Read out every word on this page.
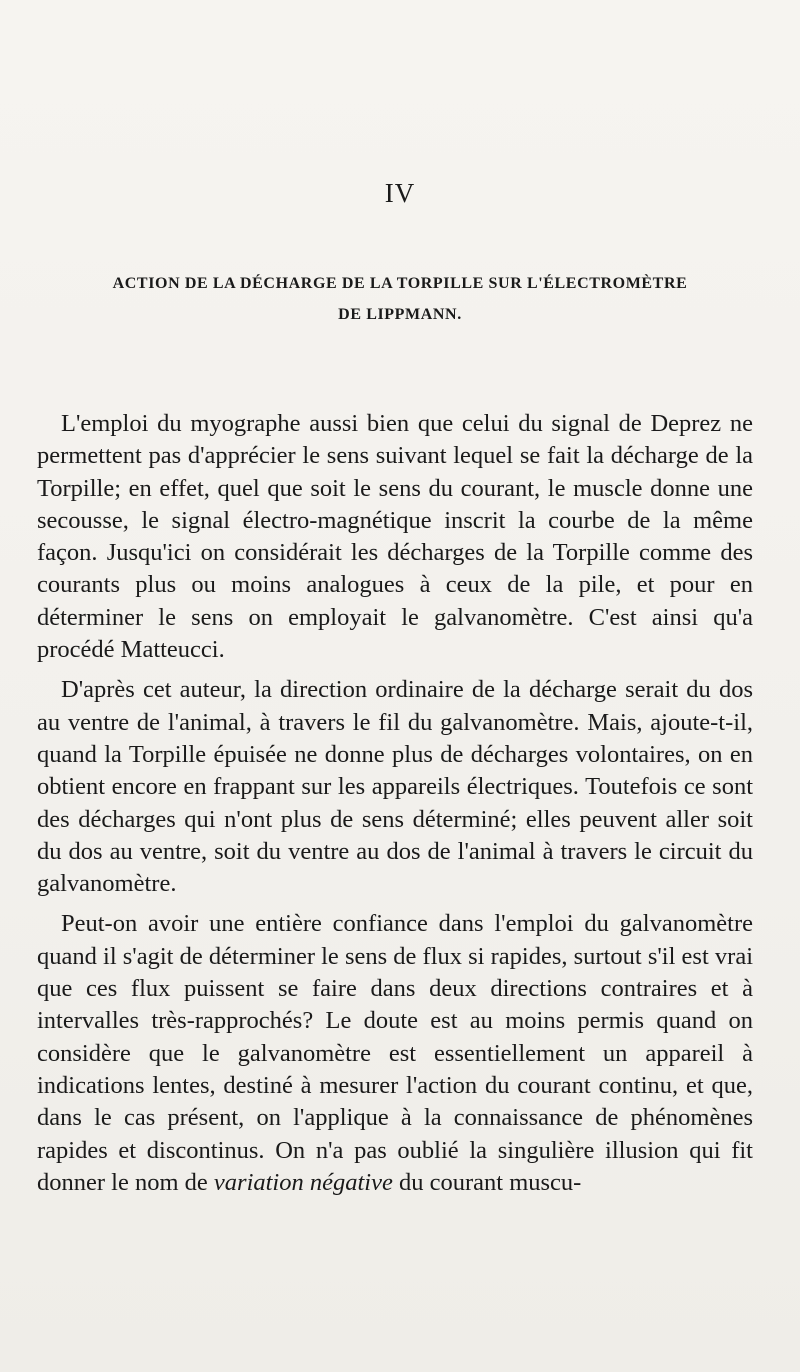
IV
ACTION DE LA DÉCHARGE DE LA TORPILLE SUR L'ÉLECTROMÈTRE
DE LIPPMANN.

L'emploi du myographe aussi bien que celui du signal de Deprez ne permettent pas d'apprécier le sens suivant lequel se fait la décharge de la Torpille; en effet, quel que soit le sens du courant, le muscle donne une secousse, le signal électro-magnétique inscrit la courbe de la même façon. Jusqu'ici on considérait les décharges de la Torpille comme des courants plus ou moins analogues à ceux de la pile, et pour en déterminer le sens on employait le galvanomètre. C'est ainsi qu'a procédé Matteucci.

D'après cet auteur, la direction ordinaire de la décharge serait du dos au ventre de l'animal, à travers le fil du galvanomètre. Mais, ajoute-t-il, quand la Torpille épuisée ne donne plus de décharges volontaires, on en obtient encore en frappant sur les appareils électriques. Toutefois ce sont des décharges qui n'ont plus de sens déterminé; elles peuvent aller soit du dos au ventre, soit du ventre au dos de l'animal à travers le circuit du galvanomètre.

Peut-on avoir une entière confiance dans l'emploi du galvanomètre quand il s'agit de déterminer le sens de flux si rapides, surtout s'il est vrai que ces flux puissent se faire dans deux directions contraires et à intervalles très-rapprochés? Le doute est au moins permis quand on considère que le galvanomètre est essentiellement un appareil à indications lentes, destiné à mesurer l'action du courant continu, et que, dans le cas présent, on l'applique à la connaissance de phénomènes rapides et discontinus. On n'a pas oublié la singulière illusion qui fit donner le nom de variation négative du courant muscu-
